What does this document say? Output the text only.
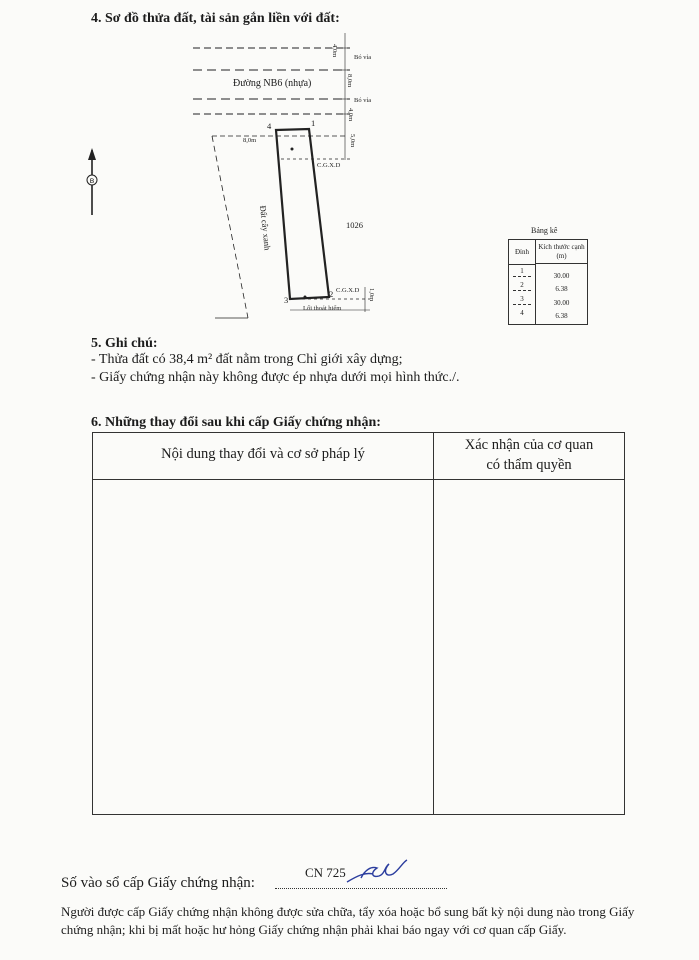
4. Sơ đồ thửa đất, tài sản gắn liền với đất:
B
Đường NB6 (nhựa)
Bó vỉa
Bó vỉa
4,0m
8,0m
4,0m
5,0m
8,0m
4	1
2
3
C.G.X.D
C.G.X.D
1026
Đất cây xanh
Lối thoát hiểm
1,0m
Bảng kê
Đỉnh
Kích thước cạnh (m)
1
2
3
4
30.00
6.38
30.00
6.38
5. Ghi chú:
- Thửa đất có 38,4 m² đất nằm trong Chỉ giới xây dựng;
- Giấy chứng nhận này không được ép nhựa dưới mọi hình thức./.
6. Những thay đổi sau khi cấp Giấy chứng nhận:
Nội dung thay đổi và cơ sở pháp lý
Xác nhận của cơ quan
có thẩm quyền
Số vào sổ cấp Giấy chứng nhận:
CN 725
Người được cấp Giấy chứng nhận không được sửa chữa, tẩy xóa hoặc bổ sung bất kỳ nội dung nào trong Giấy chứng nhận; khi bị mất hoặc hư hỏng Giấy chứng nhận phải khai báo ngay với cơ quan cấp Giấy.
